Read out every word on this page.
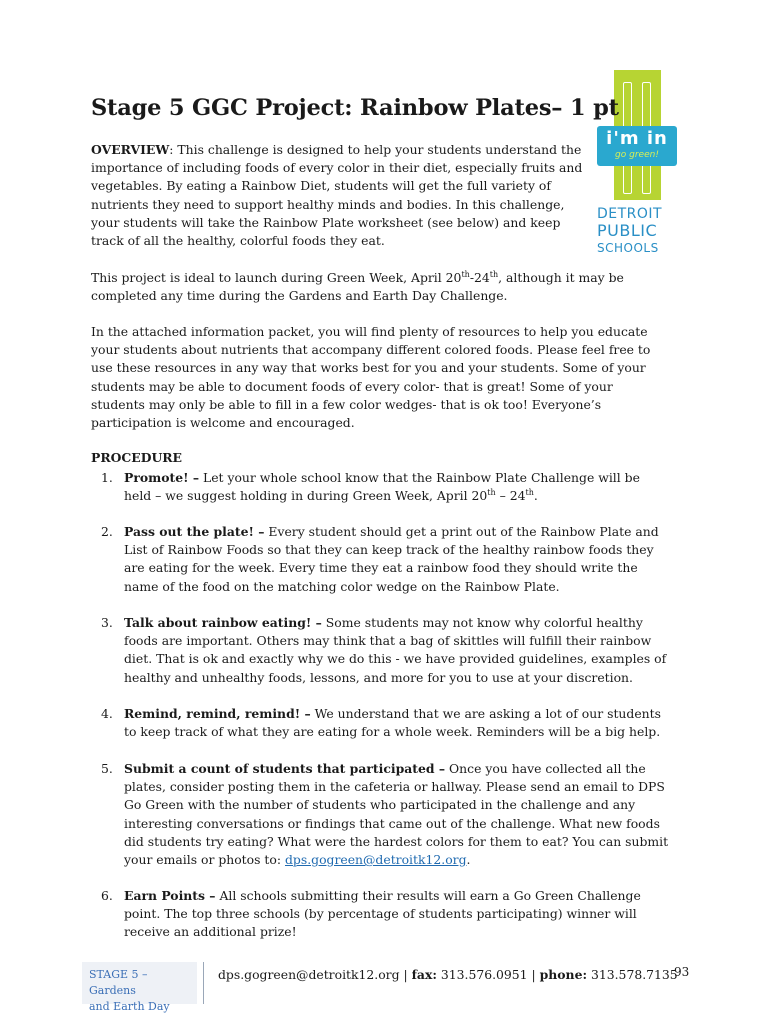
i'm in
go green!
DETROIT
PUBLIC
SCHOOLS
Stage 5 GGC Project: Rainbow Plates– 1 pt

OVERVIEW: This challenge is designed to help your students understand the importance of including foods of every color in their diet, especially fruits and vegetables. By eating a Rainbow Diet, students will get the full variety of nutrients they need to support healthy minds and bodies. In this challenge, your students will take the Rainbow Plate worksheet (see below) and keep track of all the healthy, colorful foods they eat.

This project is ideal to launch during Green Week, April 20th-24th, although it may be completed any time during the Gardens and Earth Day Challenge.

In the attached information packet, you will find plenty of resources to help you educate your students about nutrients that accompany different colored foods. Please feel free to use these resources in any way that works best for you and your students. Some of your students may be able to document foods of every color- that is great! Some of your students may only be able to fill in a few color wedges- that is ok too! Everyone’s participation is welcome and encouraged.

PROCEDURE

1. Promote! – Let your whole school know that the Rainbow Plate Challenge will be held – we suggest holding in during Green Week, April 20th – 24th.
2. Pass out the plate! – Every student should get a print out of the Rainbow Plate and List of Rainbow Foods so that they can keep track of the healthy rainbow foods they are eating for the week. Every time they eat a rainbow food they should write the name of the food on the matching color wedge on the Rainbow Plate.
3. Talk about rainbow eating! – Some students may not know why colorful healthy foods are important. Others may think that a bag of skittles will fulfill their rainbow diet. That is ok and exactly why we do this - we have provided guidelines, examples of healthy and unhealthy foods, lessons, and more for you to use at your discretion.
4. Remind, remind, remind! – We understand that we are asking a lot of our students to keep track of what they are eating for a whole week. Reminders will be a big help.
5. Submit a count of students that participated – Once you have collected all the plates, consider posting them in the cafeteria or hallway. Please send an email to DPS Go Green with the number of students who participated in the challenge and any interesting conversations or findings that came out of the challenge. What new foods did students try eating? What were the hardest colors for them to eat? You can submit your emails or photos to: dps.gogreen@detroitk12.org.
6. Earn Points – All schools submitting their results will earn a Go Green Challenge point. The top three schools (by percentage of students participating) winner will receive an additional prize!
STAGE 5 – Gardens
and Earth Day
dps.gogreen@detroitk12.org | fax: 313.576.0951 | phone: 313.578.7135
93
